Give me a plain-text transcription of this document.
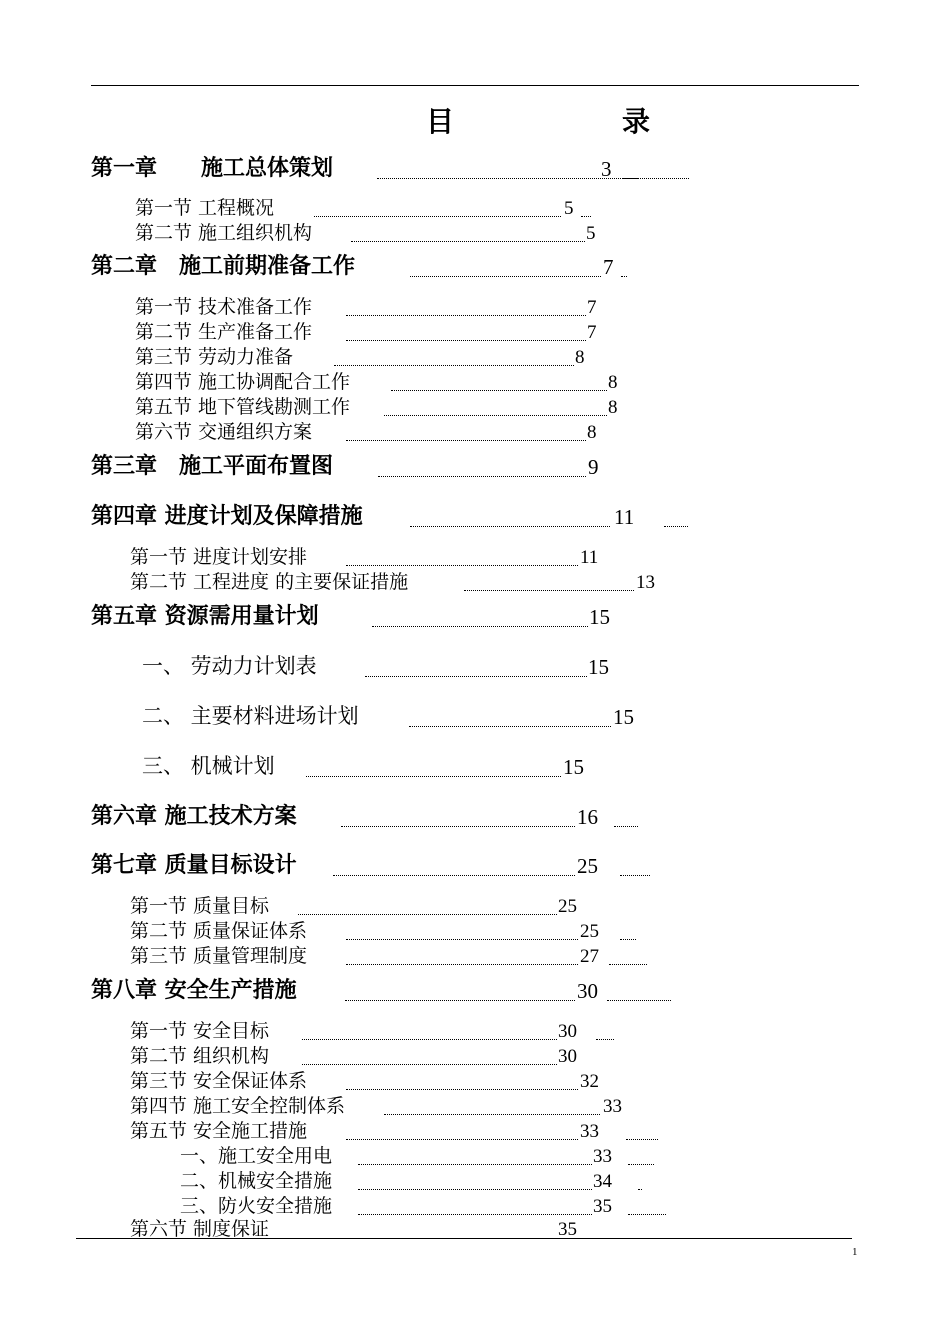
目　录
第一章　　施工总体策划	3
第一节 工程概况	5
第二节 施工组织机构	5
第二章　施工前期准备工作	7
第一节 技术准备工作	7
第二节 生产准备工作	7
第三节 劳动力准备	8
第四节 施工协调配合工作	8
第五节 地下管线勘测工作	8
第六节 交通组织方案	8
第三章　施工平面布置图	9
第四章 进度计划及保障措施	11
第一节 进度计划安排	11
第二节 工程进度 的主要保证措施	13
第五章 资源需用量计划	15
一、 劳动力计划表	15
二、 主要材料进场计划	15
三、 机械计划	15
第六章 施工技术方案	16
第七章 质量目标设计	25
第一节 质量目标	25
第二节 质量保证体系	25
第三节 质量管理制度	27
第八章 安全生产措施	30
第一节 安全目标	30
第二节 组织机构	30
第三节 安全保证体系	32
第四节 施工安全控制体系	33
第五节 安全施工措施	33
一、施工安全用电	33
二、机械安全措施	34
三、防火安全措施	35
第六节 制度保证	35
1
